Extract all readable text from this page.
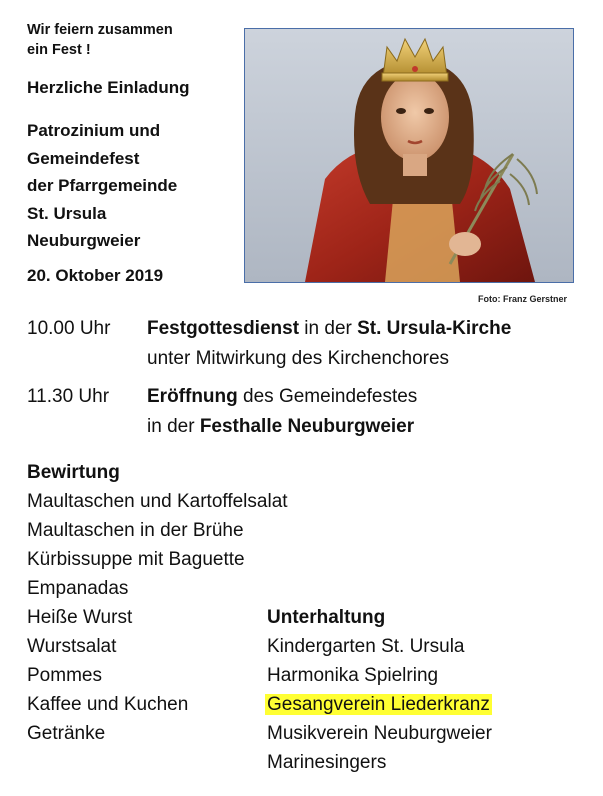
Wir feiern zusammen
ein Fest !
Herzliche Einladung
Patrozinium und
Gemeindefest
der Pfarrgemeinde
St. Ursula
Neuburgweier
20. Oktober 2019
Foto: Franz Gerstner
10.00 Uhr Festgottesdienst in der St. Ursula-Kirche
unter Mitwirkung des Kirchenchores
11.30 Uhr Eröffnung des Gemeindefestes
in der Festhalle Neuburgweier
Bewirtung
Maultaschen und Kartoffelsalat
Maultaschen in der Brühe
Kürbissuppe mit Baguette
Empanadas
Heiße Wurst
Wurstsalat
Pommes
Kaffee und Kuchen
Getränke
Unterhaltung
Kindergarten St. Ursula
Harmonika Spielring
Gesangverein Liederkranz
Musikverein Neuburgweier
Marinesingers
